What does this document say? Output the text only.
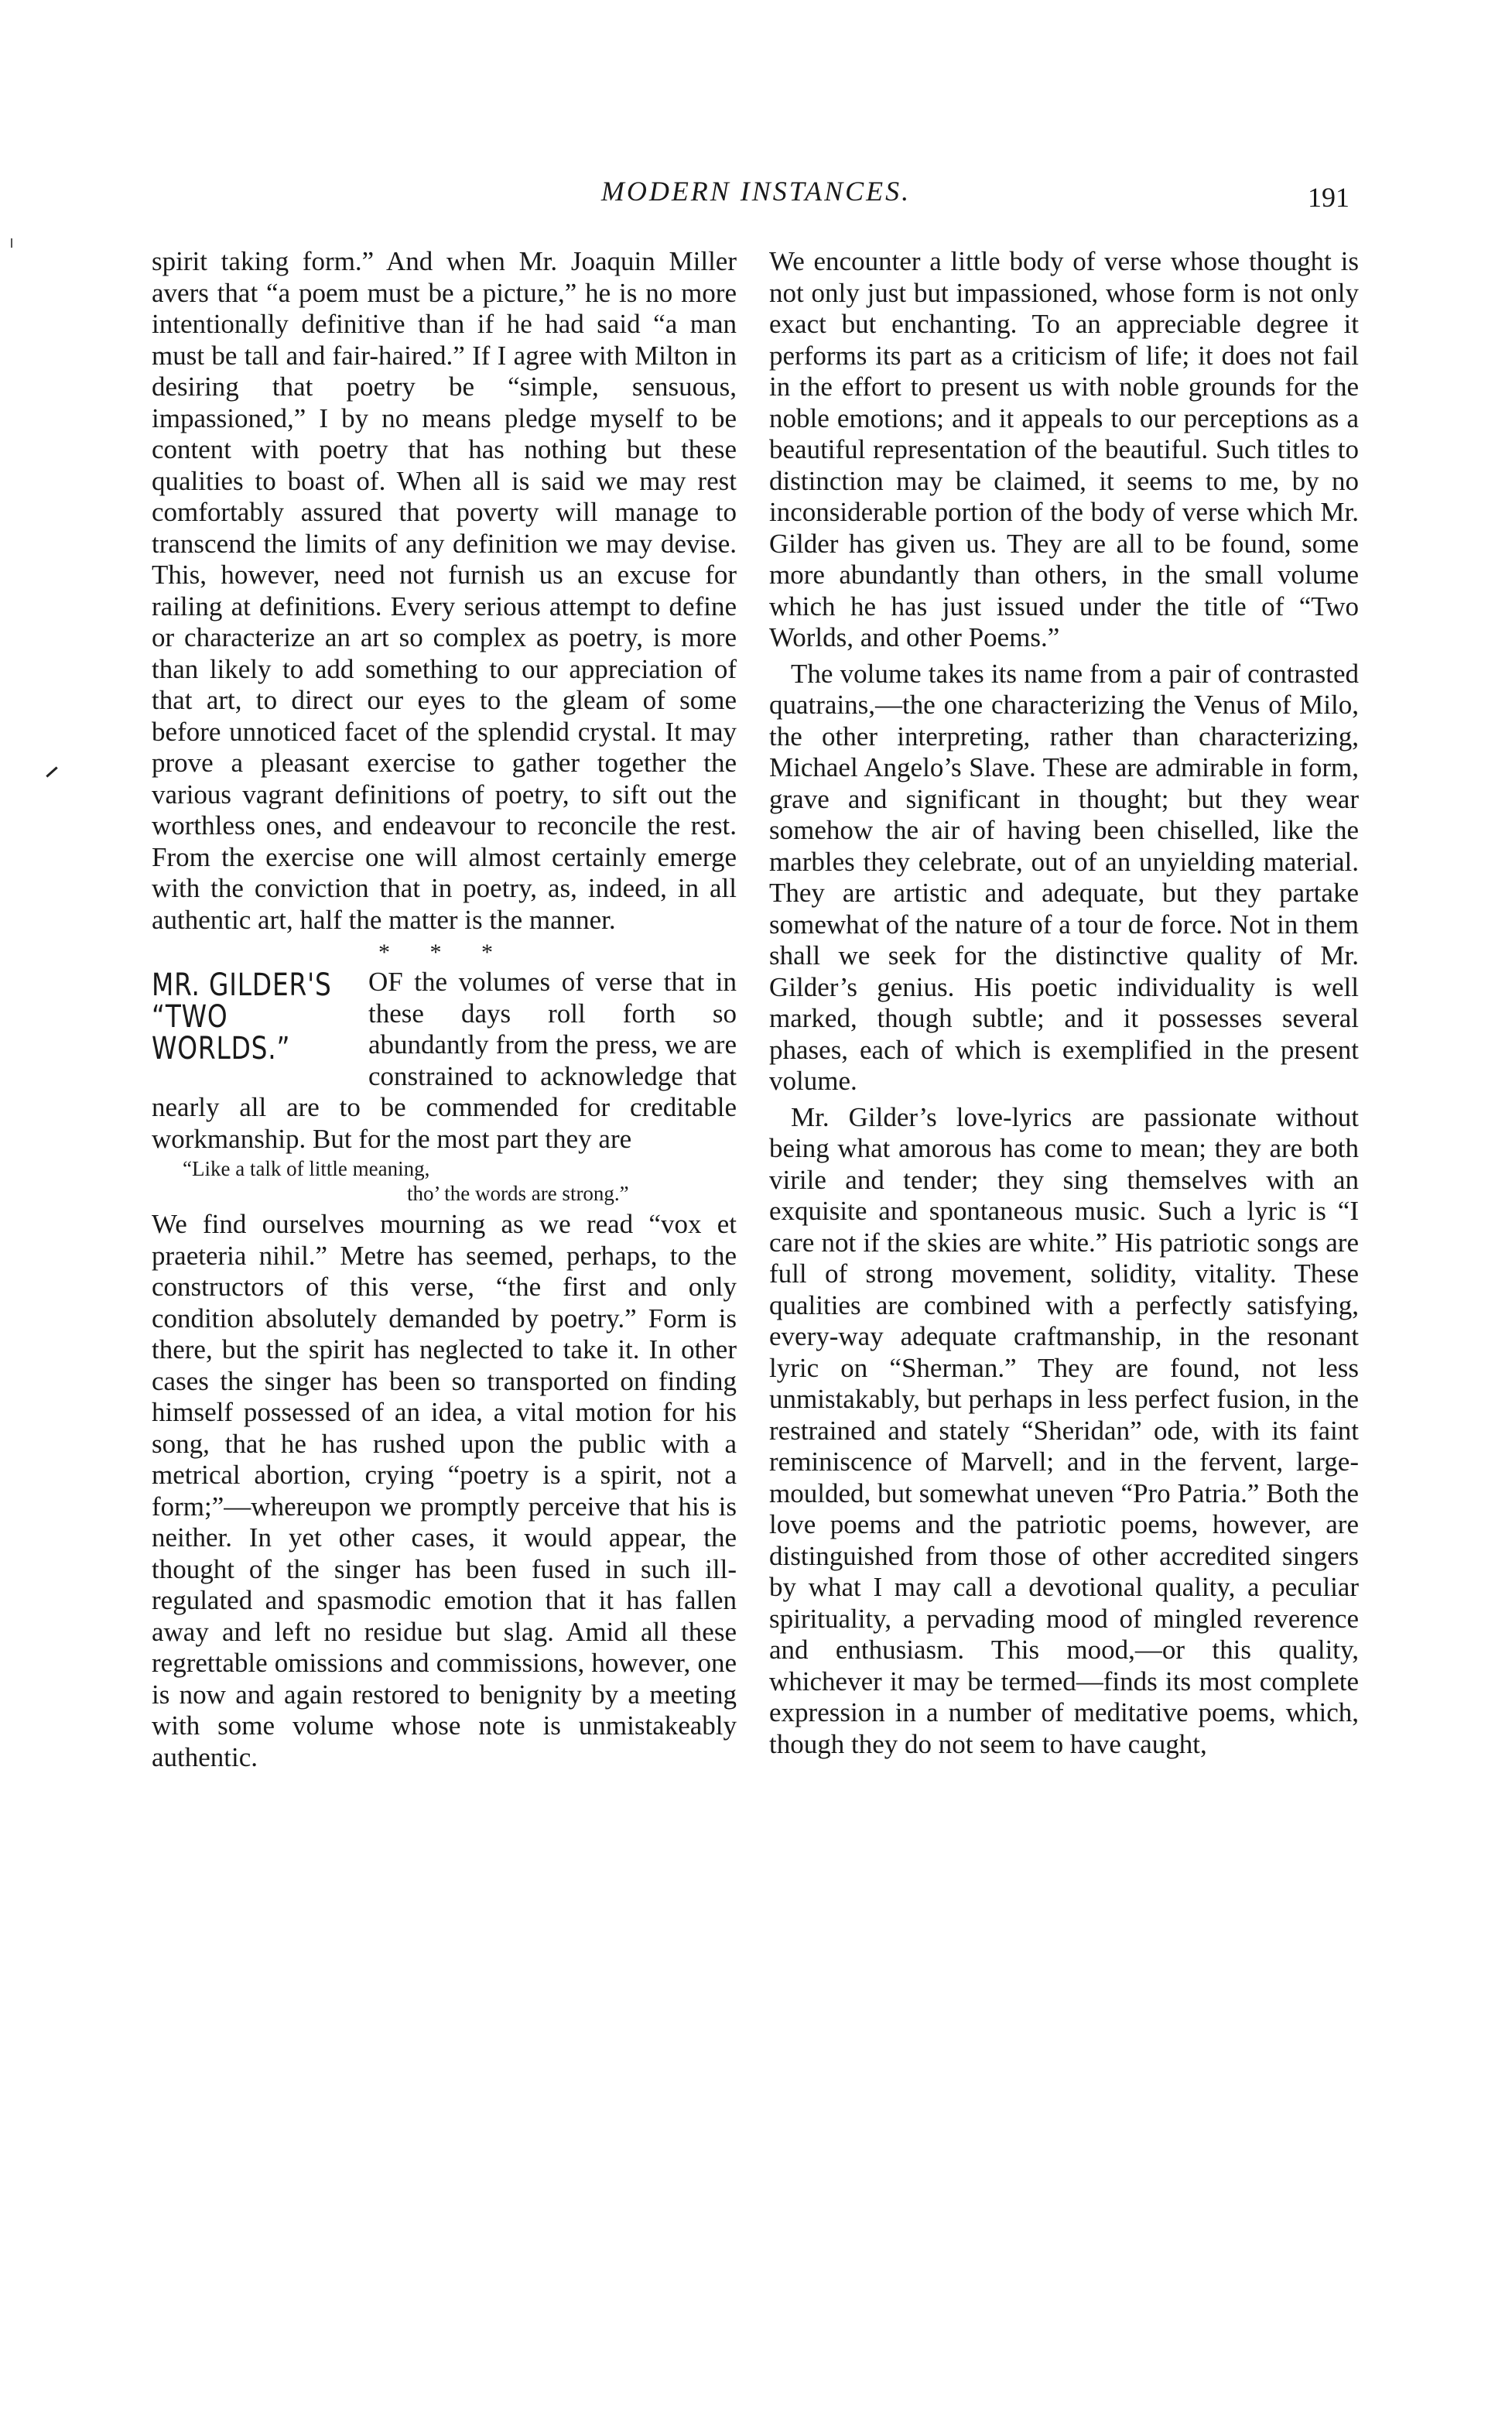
MODERN INSTANCES.	191

spirit taking form.” And when Mr. Joaquin Miller avers that “a poem must be a picture,” he is no more intentionally definitive than if he had said “a man must be tall and fair-haired.” If I agree with Milton in desiring that poetry be “simple, sensuous, impassioned,” I by no means pledge myself to be content with poetry that has nothing but these qualities to boast of. When all is said we may rest comfortably assured that poverty will manage to transcend the limits of any definition we may devise. This, however, need not furnish us an excuse for railing at definitions. Every serious attempt to define or characterize an art so complex as poetry, is more than likely to add something to our appreciation of that art, to direct our eyes to the gleam of some before unnoticed facet of the splendid crystal. It may prove a pleasant exercise to gather together the various vagrant definitions of poetry, to sift out the worthless ones, and endeavour to reconcile the rest. From the exercise one will almost certainly emerge with the conviction that in poetry, as, indeed, in all authentic art, half the matter is the manner.

* * *

MR. GILDER'S
“TWO WORLDS.”

OF the volumes of verse that in these days roll forth so abundantly from the press, we are constrained to acknowledge that nearly all are to be commended for creditable workmanship. But for the most part they are

“Like a talk of little meaning,
tho’ the words are strong.”

We find ourselves mourning as we read “vox et praeteria nihil.” Metre has seemed, perhaps, to the constructors of this verse, “the first and only condition absolutely demanded by poetry.” Form is there, but the spirit has neglected to take it. In other cases the singer has been so transported on finding himself possessed of an idea, a vital motion for his song, that he has rushed upon the public with a metrical abortion, crying “poetry is a spirit, not a form;”—whereupon we promptly perceive that his is neither. In yet other cases, it would appear, the thought of the singer has been fused in such ill-regulated and spasmodic emotion that it has fallen away and left no residue but slag. Amid all these regrettable omissions and commissions, however, one is now and again restored to benignity by a meeting with some volume whose note is unmistakeably authentic.

We encounter a little body of verse whose thought is not only just but impassioned, whose form is not only exact but enchanting. To an appreciable degree it performs its part as a criticism of life; it does not fail in the effort to present us with noble grounds for the noble emotions; and it appeals to our perceptions as a beautiful representation of the beautiful. Such titles to distinction may be claimed, it seems to me, by no inconsiderable portion of the body of verse which Mr. Gilder has given us. They are all to be found, some more abundantly than others, in the small volume which he has just issued under the title of “Two Worlds, and other Poems.”

The volume takes its name from a pair of contrasted quatrains,—the one characterizing the Venus of Milo, the other interpreting, rather than characterizing, Michael Angelo’s Slave. These are admirable in form, grave and significant in thought; but they wear somehow the air of having been chiselled, like the marbles they celebrate, out of an unyielding material. They are artistic and adequate, but they partake somewhat of the nature of a tour de force. Not in them shall we seek for the distinctive quality of Mr. Gilder’s genius. His poetic individuality is well marked, though subtle; and it possesses several phases, each of which is exemplified in the present volume.

Mr. Gilder’s love-lyrics are passionate without being what amorous has come to mean; they are both virile and tender; they sing themselves with an exquisite and spontaneous music. Such a lyric is “I care not if the skies are white.” His patriotic songs are full of strong movement, solidity, vitality. These qualities are combined with a perfectly satisfying, every-way adequate craftmanship, in the resonant lyric on “Sherman.” They are found, not less unmistakably, but perhaps in less perfect fusion, in the restrained and stately “Sheridan” ode, with its faint reminiscence of Marvell; and in the fervent, large-moulded, but somewhat uneven “Pro Patria.” Both the love poems and the patriotic poems, however, are distinguished from those of other accredited singers by what I may call a devotional quality, a peculiar spirituality, a pervading mood of mingled reverence and enthusiasm. This mood,—or this quality, whichever it may be termed—finds its most complete expression in a number of meditative poems, which, though they do not seem to have caught,
